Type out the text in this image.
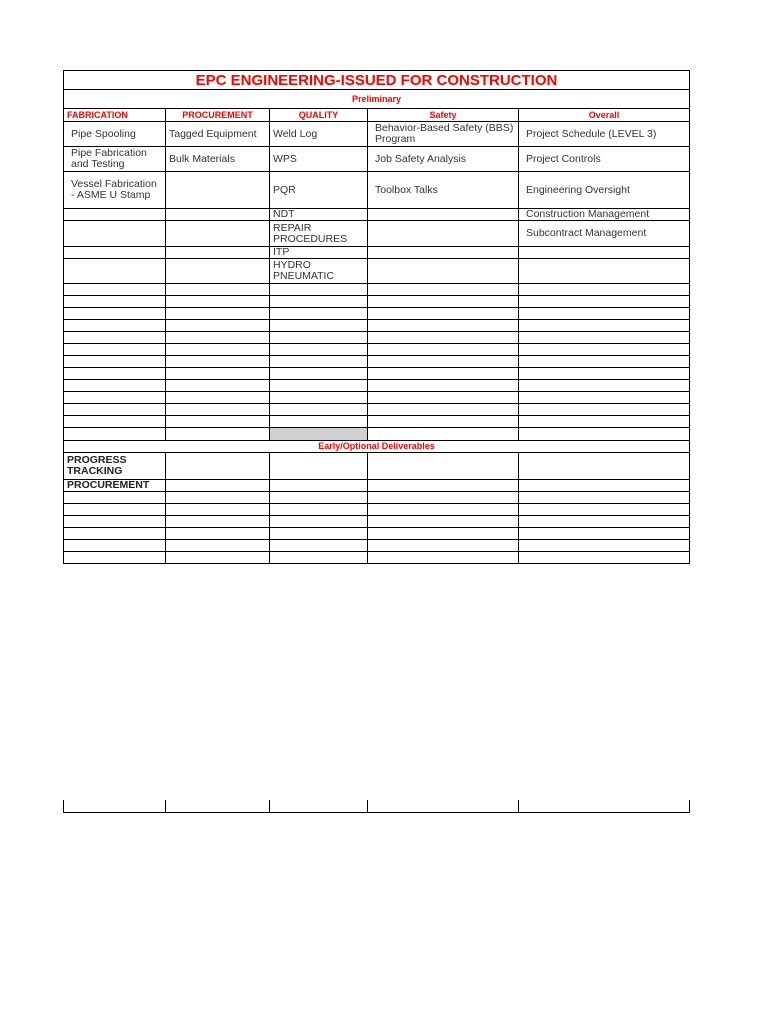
EPC ENGINEERING-ISSUED FOR CONSTRUCTION				
Preliminary				
FABRICATION	PROCUREMENT	QUALITY	Safety	Overall
Pipe Spooling	Tagged Equipment	Weld Log	Behavior-Based Safety (BBS) Program	Project Schedule (LEVEL 3)
Pipe Fabrication and Testing	Bulk Materials	WPS	Job Safety Analysis	Project Controls
Vessel Fabrication - ASME U Stamp		PQR	Toolbox Talks	Engineering Oversight
		NDT		Construction Management
		REPAIR PROCEDURES		Subcontract Management
		ITP		
		HYDRO PNEUMATIC		

Early/Optional Deliverables				
PROGRESS TRACKING				
PROCUREMENT				
